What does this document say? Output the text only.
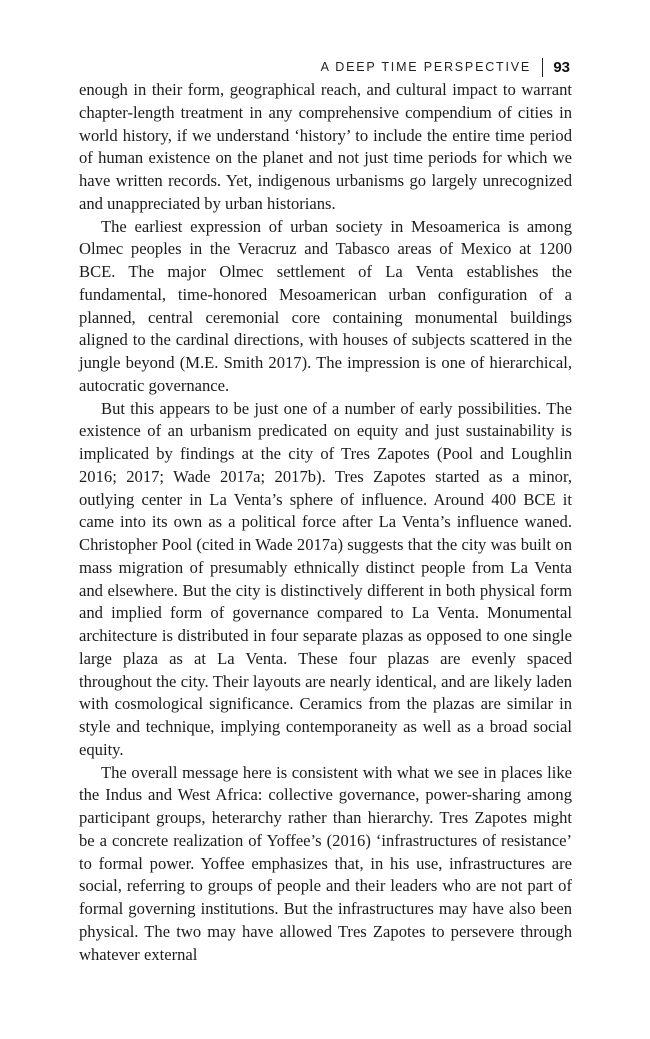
A DEEP TIME PERSPECTIVE 93

enough in their form, geographical reach, and cultural impact to warrant chapter-length treatment in any comprehensive compendium of cities in world history, if we understand ‘history’ to include the entire time period of human existence on the planet and not just time periods for which we have written records. Yet, indigenous urbanisms go largely unrecognized and unappreciated by urban historians.

The earliest expression of urban society in Mesoamerica is among Olmec peoples in the Veracruz and Tabasco areas of Mexico at 1200 BCE. The major Olmec settlement of La Venta establishes the fundamental, time-honored Mesoamerican urban configuration of a planned, central ceremonial core containing monumental buildings aligned to the cardinal directions, with houses of subjects scattered in the jungle beyond (M.E. Smith 2017). The impression is one of hierarchical, autocratic governance.

But this appears to be just one of a number of early possibilities. The existence of an urbanism predicated on equity and just sustainability is implicated by findings at the city of Tres Zapotes (Pool and Loughlin 2016; 2017; Wade 2017a; 2017b). Tres Zapotes started as a minor, outlying center in La Venta’s sphere of influence. Around 400 BCE it came into its own as a political force after La Venta’s influence waned. Christopher Pool (cited in Wade 2017a) suggests that the city was built on mass migration of presumably ethnically distinct people from La Venta and elsewhere. But the city is distinctively different in both physical form and implied form of governance compared to La Venta. Monumental architecture is distributed in four separate plazas as opposed to one single large plaza as at La Venta. These four plazas are evenly spaced throughout the city. Their layouts are nearly identical, and are likely laden with cosmological significance. Ceramics from the plazas are similar in style and technique, implying contemporaneity as well as a broad social equity.

The overall message here is consistent with what we see in places like the Indus and West Africa: collective governance, power-sharing among participant groups, heterarchy rather than hierarchy. Tres Zapotes might be a concrete realization of Yoffee’s (2016) ‘infrastructures of resistance’ to formal power. Yoffee emphasizes that, in his use, infrastructures are social, referring to groups of people and their leaders who are not part of formal governing institutions. But the infrastructures may have also been physical. The two may have allowed Tres Zapotes to persevere through whatever external
